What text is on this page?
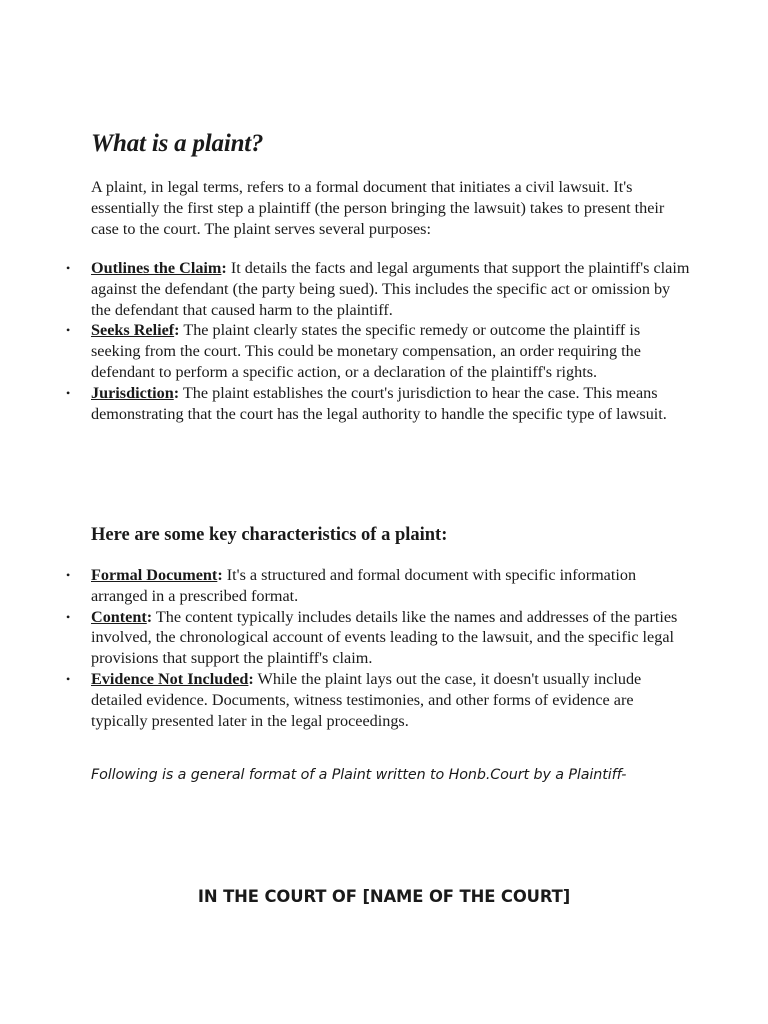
What is a plaint?

A plaint, in legal terms, refers to a formal document that initiates a civil lawsuit. It's essentially the first step a plaintiff (the person bringing the lawsuit) takes to present their case to the court. The plaint serves several purposes:

• Outlines the Claim: It details the facts and legal arguments that support the plaintiff's claim against the defendant (the party being sued). This includes the specific act or omission by the defendant that caused harm to the plaintiff.
• Seeks Relief: The plaint clearly states the specific remedy or outcome the plaintiff is seeking from the court. This could be monetary compensation, an order requiring the defendant to perform a specific action, or a declaration of the plaintiff's rights.
• Jurisdiction: The plaint establishes the court's jurisdiction to hear the case. This means demonstrating that the court has the legal authority to handle the specific type of lawsuit.
Here are some key characteristics of a plaint:
• Formal Document: It's a structured and formal document with specific information arranged in a prescribed format.
• Content: The content typically includes details like the names and addresses of the parties involved, the chronological account of events leading to the lawsuit, and the specific legal provisions that support the plaintiff's claim.
• Evidence Not Included: While the plaint lays out the case, it doesn't usually include detailed evidence. Documents, witness testimonies, and other forms of evidence are typically presented later in the legal proceedings.

Following is a general format of a Plaint written to Honb.Court by a Plaintiff-

IN THE COURT OF [NAME OF THE COURT]
